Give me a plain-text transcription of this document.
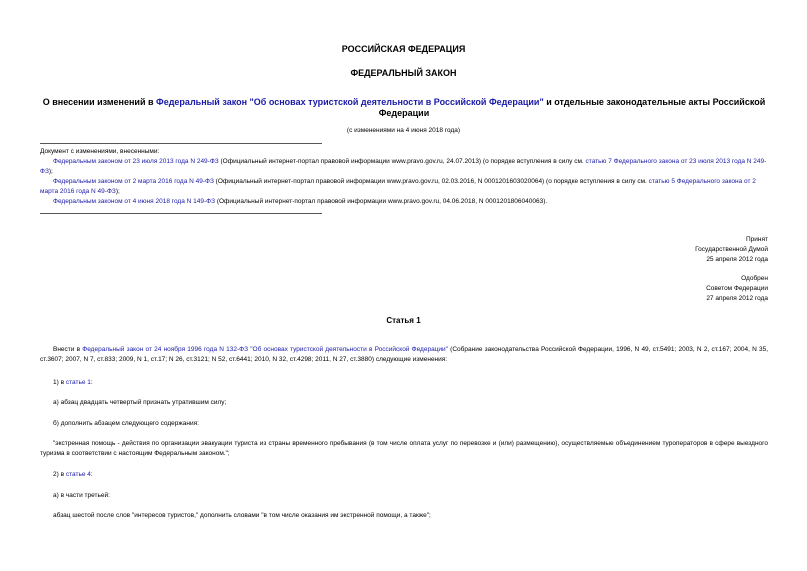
РОССИЙСКАЯ ФЕДЕРАЦИЯ
ФЕДЕРАЛЬНЫЙ ЗАКОН
О внесении изменений в Федеральный закон "Об основах туристской деятельности в Российской Федерации" и отдельные законодательные акты Российской Федерации
(с изменениями на 4 июня 2018 года)

Документ с изменениями, внесенными:

Федеральным законом от 23 июля 2013 года N 249-ФЗ (Официальный интернет-портал правовой информации www.pravo.gov.ru, 24.07.2013) (о порядке вступления в силу см. статью 7 Федерального закона от 23 июля 2013 года N 249-ФЗ);

Федеральным законом от 2 марта 2016 года N 49-ФЗ (Официальный интернет-портал правовой информации www.pravo.gov.ru, 02.03.2016, N 0001201603020064) (о порядке вступления в силу см. статью 5 Федерального закона от 2 марта 2016 года N 49-ФЗ);

Федеральным законом от 4 июня 2018 года N 149-ФЗ (Официальный интернет-портал правовой информации www.pravo.gov.ru, 04.06.2018, N 0001201806040063).

Принят
Государственной Думой
25 апреля 2012 года
Одобрен
Советом Федерации
27 апреля 2012 года
Статья 1

Внести в Федеральный закон от 24 ноября 1996 года N 132-ФЗ "Об основах туристской деятельности в Российской Федерации" (Собрание законодательства Российской Федерации, 1996, N 49, ст.5491; 2003, N 2, ст.167; 2004, N 35, ст.3607; 2007, N 7, ст.833; 2009, N 1, ст.17; N 26, ст.3121; N 52, ст.6441; 2010, N 32, ст.4298; 2011, N 27, ст.3880) следующие изменения:

1) в статье 1:

а) абзац двадцать четвертый признать утратившим силу;

б) дополнить абзацем следующего содержания:

"экстренная помощь - действия по организации эвакуации туриста из страны временного пребывания (в том числе оплата услуг по перевозке и (или) размещению), осуществляемые объединением туроператоров в сфере выездного туризма в соответствии с настоящим Федеральным законом.";

2) в статье 4:

а) в части третьей:

абзац шестой после слов "интересов туристов," дополнить словами "в том числе оказания им экстренной помощи, а также";
